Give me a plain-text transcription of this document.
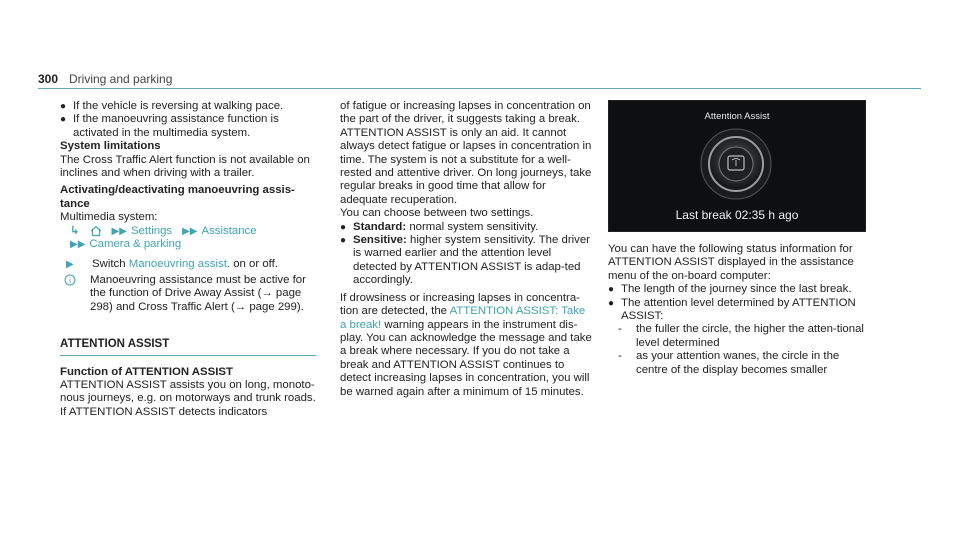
300 Driving and parking
● If the vehicle is reversing at walking pace.
● If the manoeuvring assistance function is activated in the multimedia system.

System limitations

The Cross Traffic Alert function is not available on inclines and when driving with a trailer.

Activating/deactivating manoeuvring assis-tance

Multimedia system:

↳	▶▶ Settings ▶▶ Assistance
▶▶ Camera & parking
▶	Switch Manoeuvring assist. on or off.
i Manoeuvring assistance must be active for the function of Drive Away Assist (→ page 298) and Cross Traffic Alert (→ page 299).
ATTENTION ASSIST

Function of ATTENTION ASSIST

ATTENTION ASSIST assists you on long, monoto-nous journeys, e.g. on motorways and trunk roads. If ATTENTION ASSIST detects indicators

of fatigue or increasing lapses in concentration on the part of the driver, it suggests taking a break.

ATTENTION ASSIST is only an aid. It cannot always detect fatigue or lapses in concentration in time. The system is not a substitute for a well-rested and attentive driver. On long journeys, take regular breaks in good time that allow for adequate recuperation.

You can choose between two settings.

● Standard: normal system sensitivity.
● Sensitive: higher system sensitivity. The driver is warned earlier and the attention level detected by ATTENTION ASSIST is adap-ted accordingly.

If drowsiness or increasing lapses in concentra-tion are detected, the ATTENTION ASSIST: Take a break! warning appears in the instrument dis-play. You can acknowledge the message and take a break where necessary. If you do not take a break and ATTENTION ASSIST continues to detect increasing lapses in concentration, you will be warned again after a minimum of 15 minutes.

Attention Assist
Last break 02:35 h ago

You can have the following status information for ATTENTION ASSIST displayed in the assistance menu of the on-board computer:

● The length of the journey since the last break.
● The attention level determined by ATTENTION ASSIST:
-	the fuller the circle, the higher the atten-tional level determined
-	as your attention wanes, the circle in the centre of the display becomes smaller
